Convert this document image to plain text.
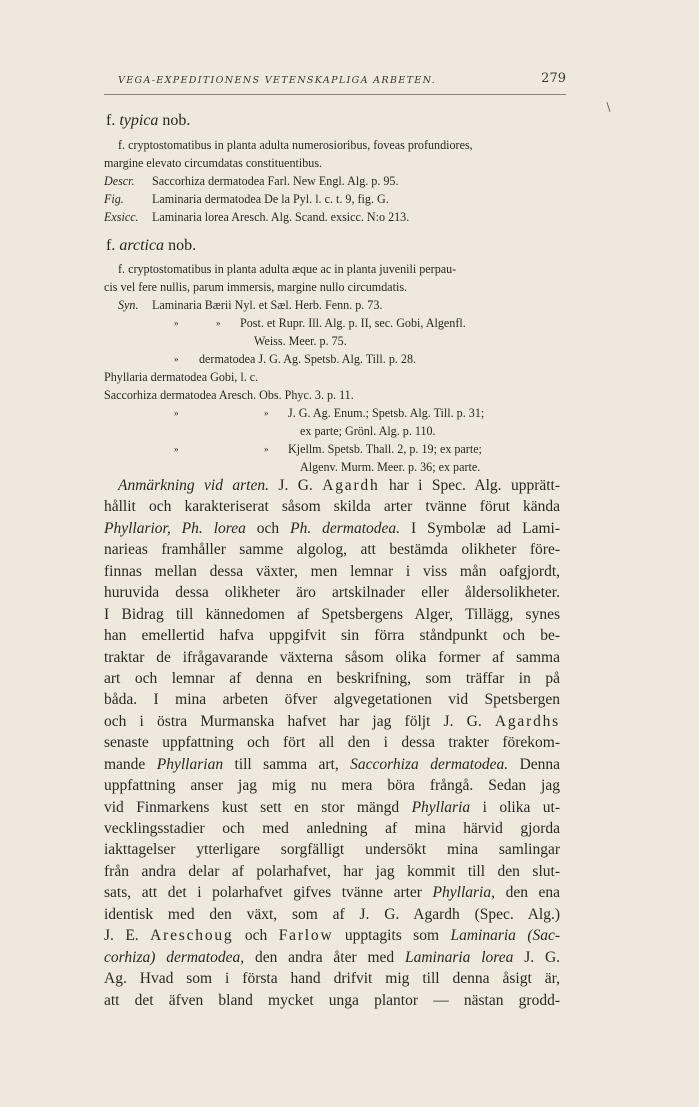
VEGA-EXPEDITIONENS VETENSKAPLIGA ARBETEN.	279
f. typica nob.
f. cryptostomatibus in planta adulta numerosioribus, foveas profundiores,
margine elevato circumdatas constituentibus.
Descr. Saccorhiza dermatodea Farl. New Engl. Alg. p. 95.
Fig. Laminaria dermatodea De la Pyl. l. c. t. 9, fig. G.
Exsicc. Laminaria lorea Aresch. Alg. Scand. exsicc. N:o 213.
f. arctica nob.
f. cryptostomatibus in planta adulta æque ac in planta juvenili perpau-
cis vel fere nullis, parum immersis, margine nullo circumdatis.
Syn. Laminaria Bærii Nyl. et Sæl. Herb. Fenn. p. 73.
»	» Post. et Rupr. Ill. Alg. p. II, sec. Gobi, Algenfl.
Weiss. Meer. p. 75.
» dermatodea J. G. Ag. Spetsb. Alg. Till. p. 28.
Phyllaria dermatodea Gobi, l. c.
Saccorhiza dermatodea Aresch. Obs. Phyc. 3. p. 11.
»	» J. G. Ag. Enum.; Spetsb. Alg. Till. p. 31;
ex parte; Grönl. Alg. p. 110.
»	» Kjellm. Spetsb. Thall. 2, p. 19; ex parte;
Algenv. Murm. Meer. p. 36; ex parte.
Anmärkning vid arten. J. G. Agardh har i Spec. Alg. upprätt-
hållit och karakteriserat såsom skilda arter tvänne förut kända
Phyllarior, Ph. lorea och Ph. dermatodea. I Symbolæ ad Lami-
narieas framhåller samme algolog, att bestämda olikheter före-
finnas mellan dessa växter, men lemnar i viss mån oafgjordt,
huruvida dessa olikheter äro artskilnader eller åldersolikheter.
I Bidrag till kännedomen af Spetsbergens Alger, Tillägg, synes
han emellertid hafva uppgifvit sin förra ståndpunkt och be-
traktar de ifrågavarande växterna såsom olika former af samma
art och lemnar af denna en beskrifning, som träffar in på
båda. I mina arbeten öfver algvegetationen vid Spetsbergen
och i östra Murmanska hafvet har jag följt J. G. Agardhs
senaste uppfattning och fört all den i dessa trakter förekom-
mande Phyllarian till samma art, Saccorhiza dermatodea. Denna
uppfattning anser jag mig nu mera böra frångå. Sedan jag
vid Finmarkens kust sett en stor mängd Phyllaria i olika ut-
vecklingsstadier och med anledning af mina härvid gjorda
iakttagelser ytterligare sorgfälligt undersökt mina samlingar
från andra delar af polarhafvet, har jag kommit till den slut-
sats, att det i polarhafvet gifves tvänne arter Phyllaria, den ena
identisk med den växt, som af J. G. Agardh (Spec. Alg.)
J. E. Areschoug och Farlow upptagits som Laminaria (Sac-
corhiza) dermatodea, den andra åter med Laminaria lorea J. G.
Ag. Hvad som i första hand drifvit mig till denna åsigt är,
att det äfven bland mycket unga plantor — nästan grodd-
